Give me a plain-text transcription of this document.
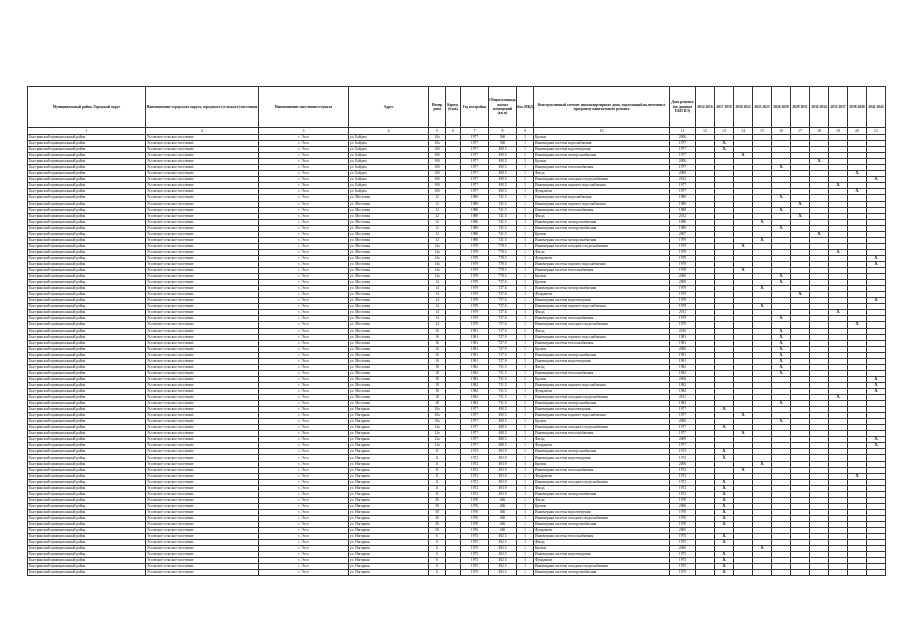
Муниципальный район, Городской округ	Наименование городского округа, городского (сельского) поселения	Наименование населенного пункта	Адрес	Номер дома	Корпус (блок)	Год постройки	Общая площадь жилых помещений (кв.м)	Кол МКД	Конструктивный элемент многоквартирного дома, подлежащий включению в программу капитального ремонта	Дата ремонта (по данным ЕКП КЭ)	2014 2016	2017 2019	2020 2022	2023 2025	2026 2028	2029 2031	2032 2034	2035 2037	2038 2040	2041 2043
1	2	3	4	5	6	7	8	9	10	11	12	13	14	15	16	17	18	19	20	21
Быстринский муниципальный район	Эссовское сельское поселение	с. Эссо	ул. Байдам	10а		1977	560	1	Кровля	2006										
Быстринский муниципальный район	Эссовское сельское поселение	с. Эссо	ул. Байдам	10а		1977	560	1	Инженерная система водоснабжения	1977		X								
Быстринский муниципальный район	Эссовское сельское поселение	с. Эссо	ул. Байдам	10б		1977	490.5	1	Инженерная система водоотведения	1977		X								
Быстринский муниципальный район	Эссовское сельское поселение	с. Эссо	ул. Байдам	10б		1977	490.5	1	Инженерная система электроснабжения	1977			X							
Быстринский муниципальный район	Эссовское сельское поселение	с. Эссо	ул. Байдам	10б		1977	490.5	1	Кровля	2006							X			
Быстринский муниципальный район	Эссовское сельское поселение	с. Эссо	ул. Байдам	10б		1977	490.5	1	Инженерная система теплоснабжения	1977					X					
Быстринский муниципальный район	Эссовское сельское поселение	с. Эссо	ул. Байдам	10б		1977	490.5	1	Фасад	2009									X	
Быстринский муниципальный район	Эссовское сельское поселение	с. Эссо	ул. Байдам	10б		1977	490.5	1	Инженерная система холодного водоснабжения	2012										X
Быстринский муниципальный район	Эссовское сельское поселение	с. Эссо	ул. Байдам	10б		1977	490.5	1	Инженерная система горячего водоснабжения	1977								X		
Быстринский муниципальный район	Эссовское сельское поселение	с. Эссо	ул. Байдам	10б		1977	490.5	1	Фундамент	1977									X	
Быстринский муниципальный район	Эссовское сельское поселение	с. Эссо	ул. Мостовая	12		1980	741.5	1	Инженерная система водоснабжения	1980					X					
Быстринский муниципальный район	Эссовское сельское поселение	с. Эссо	ул. Мостовая	12		1980	741.5	1	Инженерная система горячего водоснабжения	1980						X				
Быстринский муниципальный район	Эссовское сельское поселение	с. Эссо	ул. Мостовая	12		1980	741.5	1	Инженерная система теплоснабжения	1980					X					
Быстринский муниципальный район	Эссовское сельское поселение	с. Эссо	ул. Мостовая	12		1980	741.5	1	Фасад	2012						X				
Быстринский муниципальный район	Эссовское сельское поселение	с. Эссо	ул. Мостовая	12		1980	741.5	1	Инженерная система электроснабжения	1980				X						
Быстринский муниципальный район	Эссовское сельское поселение	с. Эссо	ул. Мостовая	12		1980	741.5	1	Инженерная система электроснабжения	1980					X					
Быстринский муниципальный район	Эссовское сельское поселение	с. Эссо	ул. Мостовая	12		1980	741.5	1	Кровля	2007							X			
Быстринский муниципальный район	Эссовское сельское поселение	с. Эссо	ул. Мостовая	12		1980	741.5	1	Инженерная система электроснабжения	1979				X						
Быстринский муниципальный район	Эссовское сельское поселение	с. Эссо	ул. Мостовая	14а		1979	778.5	1	Инженерная система холодного водоснабжения	1979			X							
Быстринский муниципальный район	Эссовское сельское поселение	с. Эссо	ул. Мостовая	14а		1979	778.5	1	Фасад	1979								X		
Быстринский муниципальный район	Эссовское сельское поселение	с. Эссо	ул. Мостовая	14а		1979	778.5	1	Фундамент	1979										X
Быстринский муниципальный район	Эссовское сельское поселение	с. Эссо	ул. Мостовая	14а		1979	778.5	1	Инженерная система горячего водоснабжения	1979										X
Быстринский муниципальный район	Эссовское сельское поселение	с. Эссо	ул. Мостовая	14а		1979	778.5	1	Инженерная система теплоснабжения	1978			X							
Быстринский муниципальный район	Эссовское сельское поселение	с. Эссо	ул. Мостовая	14а		1979	778.5	1	Кровля	2006					X					
Быстринский муниципальный район	Эссовское сельское поселение	с. Эссо	ул. Мостовая	14		1979	737.6	1	Кровля	2009					X					
Быстринский муниципальный район	Эссовское сельское поселение	с. Эссо	ул. Мостовая	14		1979	737.6	1	Инженерная система электроснабжения	1979				X						
Быстринский муниципальный район	Эссовское сельское поселение	с. Эссо	ул. Мостовая	14		1979	737.6	1	Фундамент	1979						X				
Быстринский муниципальный район	Эссовское сельское поселение	с. Эссо	ул. Мостовая	14		1979	737.6	1	Инженерная система водоотведения	1979										X
Быстринский муниципальный район	Эссовское сельское поселение	с. Эссо	ул. Мостовая	14		1979	737.6	1	Инженерная система горячего водоснабжения	1979				X						
Быстринский муниципальный район	Эссовское сельское поселение	с. Эссо	ул. Мостовая	14		1979	737.6	1	Фасад	2011								X		
Быстринский муниципальный район	Эссовское сельское поселение	с. Эссо	ул. Мостовая	14		1979	737.6	1	Инженерная система теплоснабжения	1979					X					
Быстринский муниципальный район	Эссовское сельское поселение	с. Эссо	ул. Мостовая	14		1979	737.6	1	Инженерная система холодного водоснабжения	1979									X	
Быстринский муниципальный район	Эссовское сельское поселение	с. Эссо	ул. Мостовая	16		1981	727.9	1	Фасад	2010					X					
Быстринский муниципальный район	Эссовское сельское поселение	с. Эссо	ул. Мостовая	16		1981	727.9	1	Инженерная система горячего водоснабжения	1981					X					
Быстринский муниципальный район	Эссовское сельское поселение	с. Эссо	ул. Мостовая	16		1981	727.9	1	Инженерная система теплоснабжения	1981					X					
Быстринский муниципальный район	Эссовское сельское поселение	с. Эссо	ул. Мостовая	16		1981	727.9	1	Кровля	2006					X					
Быстринский муниципальный район	Эссовское сельское поселение	с. Эссо	ул. Мостовая	16		1981	727.9	1	Инженерная система электроснабжения	1981					X					
Быстринский муниципальный район	Эссовское сельское поселение	с. Эссо	ул. Мостовая	16		1981	727.9	1	Инженерная система водоотведения	1981					X					
Быстринский муниципальный район	Эссовское сельское поселение	с. Эссо	ул. Мостовая	18		1982	731.5	1	Фасад	1982					X					
Быстринский муниципальный район	Эссовское сельское поселение	с. Эссо	ул. Мостовая	18		1982	731.5	1	Инженерная система теплоснабжения	1982					X					
Быстринский муниципальный район	Эссовское сельское поселение	с. Эссо	ул. Мостовая	18		1982	731.5	1	Кровля	2006										X
Быстринский муниципальный район	Эссовское сельское поселение	с. Эссо	ул. Мостовая	18		1982	731.5	1	Инженерная система горячего водоснабжения	1982										X
Быстринский муниципальный район	Эссовское сельское поселение	с. Эссо	ул. Мостовая	18		1982	731.5	1	Фундамент	1982										X
Быстринский муниципальный район	Эссовское сельское поселение	с. Эссо	ул. Мостовая	18		1982	731.5	1	Инженерная система холодного водоснабжения	2011								X		
Быстринский муниципальный район	Эссовское сельское поселение	с. Эссо	ул. Мостовая	18		1982	731.5	1	Инженерная система электроснабжения	1982					X					
Быстринский муниципальный район	Эссовское сельское поселение	с. Эссо	ул. Нагорная	10а		1977	490.5	1	Инженерная система водоотведения	1977		X								
Быстринский муниципальный район	Эссовское сельское поселение	с. Эссо	ул. Нагорная	10а		1977	490.5	1	Инженерная система горячего водоснабжения	1977			X							
Быстринский муниципальный район	Эссовское сельское поселение	с. Эссо	ул. Нагорная	10а		1977	490.5	1	Кровля	2006					X					
Быстринский муниципальный район	Эссовское сельское поселение	с. Эссо	ул. Нагорная	12а		1977	488.5	1	Инженерная система холодного водоснабжения	1977		X								
Быстринский муниципальный район	Эссовское сельское поселение	с. Эссо	ул. Нагорная	12а		1977	488.5	1	Инженерная система теплоснабжения	1977			X							
Быстринский муниципальный район	Эссовское сельское поселение	с. Эссо	ул. Нагорная	12а		1977	488.5	1	Фасад	2009										X
Быстринский муниципальный район	Эссовское сельское поселение	с. Эссо	ул. Нагорная	12а		1977	488.5	1	Фундамент	1977										X
Быстринский муниципальный район	Эссовское сельское поселение	с. Эссо	ул. Нагорная	11		1972	493.9	1	Инженерная система электроснабжения	1972		X								
Быстринский муниципальный район	Эссовское сельское поселение	с. Эссо	ул. Нагорная	11		1972	493.9	1	Инженерная система водоотведения	1972		X								
Быстринский муниципальный район	Эссовское сельское поселение	с. Эссо	ул. Нагорная	11		1972	493.9	1	Кровля	2006				X						
Быстринский муниципальный район	Эссовское сельское поселение	с. Эссо	ул. Нагорная	11		1972	493.9	1	Инженерная система теплоснабжения	1972			X							
Быстринский муниципальный район	Эссовское сельское поселение	с. Эссо	ул. Нагорная	11		1972	493.9	1	Фундамент	1972									X	
Быстринский муниципальный район	Эссовское сельское поселение	с. Эссо	ул. Нагорная	11		1972	493.9	1	Инженерная система холодного водоснабжения	1972		X								
Быстринский муниципальный район	Эссовское сельское поселение	с. Эссо	ул. Нагорная	11		1972	493.9	1	Фасад	1972		X								
Быстринский муниципальный район	Эссовское сельское поселение	с. Эссо	ул. Нагорная	11		1972	493.9	1	Инженерная система электроснабжения	1972		X								
Быстринский муниципальный район	Эссовское сельское поселение	с. Эссо	ул. Нагорная	30		1976	466	1	Фасад	1976		X								
Быстринский муниципальный район	Эссовское сельское поселение	с. Эссо	ул. Нагорная	30		1976	466	1	Кровля	2006		X								
Быстринский муниципальный район	Эссовское сельское поселение	с. Эссо	ул. Нагорная	30		1976	466	1	Инженерная система водоотведения	1976		X								
Быстринский муниципальный район	Эссовское сельское поселение	с. Эссо	ул. Нагорная	30		1976	466	1	Инженерная система холодного водоснабжения	1976		X								
Быстринский муниципальный район	Эссовское сельское поселение	с. Эссо	ул. Нагорная	30		1976	466	1	Инженерная система электроснабжения	1976		X								
Быстринский муниципальный район	Эссовское сельское поселение	с. Эссо	ул. Нагорная	30		1976	466	1	Фундамент	2005										
Быстринский муниципальный район	Эссовское сельское поселение	с. Эссо	ул. Нагорная	6		1975	492.5	1	Инженерная система теплоснабжения	1975		X								
Быстринский муниципальный район	Эссовское сельское поселение	с. Эссо	ул. Нагорная	6		1975	492.5	1	Фасад	1975		X								
Быстринский муниципальный район	Эссовское сельское поселение	с. Эссо	ул. Нагорная	6		1975	492.5	1	Кровля	2006				X						
Быстринский муниципальный район	Эссовское сельское поселение	с. Эссо	ул. Нагорная	6		1975	492.5	1	Инженерная система водоотведения	1975		X								
Быстринский муниципальный район	Эссовское сельское поселение	с. Эссо	ул. Нагорная	6		1975	492.5	1	Фундамент	1975		X								
Быстринский муниципальный район	Эссовское сельское поселение	с. Эссо	ул. Нагорная	6		1975	492.5	1	Инженерная система холодного водоснабжения	1975		X								
Быстринский муниципальный район	Эссовское сельское поселение	с. Эссо	ул. Нагорная	6		1975	492.5	1	Инженерная система электроснабжения	1975		X								
